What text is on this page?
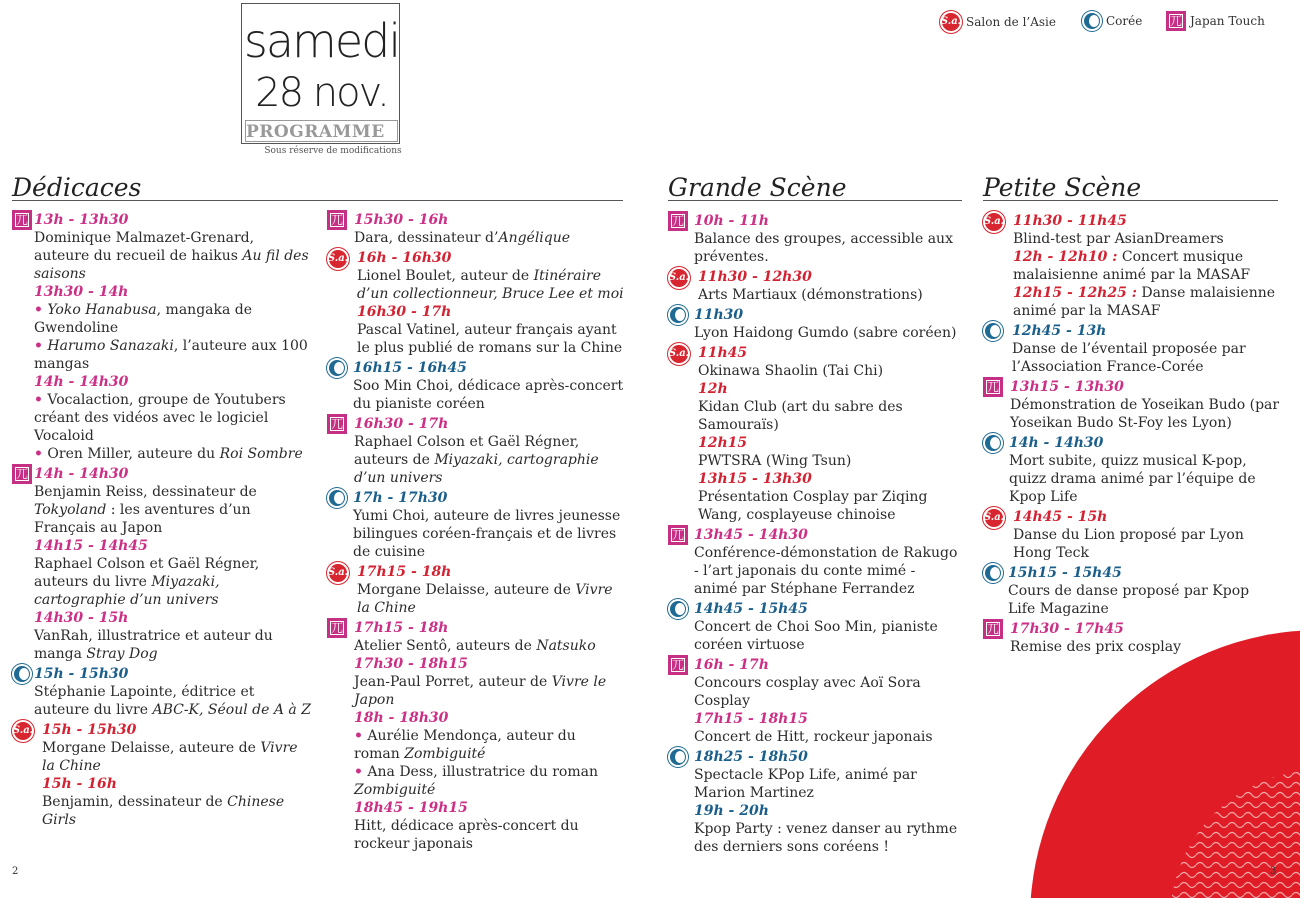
samedi
28 nov.
PROGRAMME
Sous réserve de modifications
S.a. Salon de l’Asie	Corée 兀 Japan Touch
Dédicaces	Grande Scène	Petite Scène
兀 13h - 13h30
Dominique Malmazet-Grenard, auteure du recueil de haikus Au fil des saisons
13h30 - 14h
• Yoko Hanabusa, mangaka de Gwendoline
• Harumo Sanazaki, l’auteure aux 100 mangas
14h - 14h30
• Vocalaction, groupe de Youtubers créant des vidéos avec le logiciel Vocaloid
• Oren Miller, auteure du Roi Sombre
兀 14h - 14h30
Benjamin Reiss, dessinateur de Tokyoland : les aventures d’un Français au Japon
14h15 - 14h45
Raphael Colson et Gaël Régner, auteurs du livre Miyazaki, cartographie d’un univers
14h30 - 15h
VanRah, illustratrice et auteur du manga Stray Dog
15h - 15h30
Stéphanie Lapointe, éditrice et auteure du livre ABC-K, Séoul de A à Z
S.a. 15h - 15h30
Morgane Delaisse, auteure de Vivre la Chine
15h - 16h
Benjamin, dessinateur de Chinese Girls
兀 15h30 - 16h
Dara, dessinateur d’Angélique
S.a. 16h - 16h30
Lionel Boulet, auteur de Itinéraire d’un collectionneur, Bruce Lee et moi
16h30 - 17h
Pascal Vatinel, auteur français ayant le plus publié de romans sur la Chine
16h15 - 16h45
Soo Min Choi, dédicace après-concert du pianiste coréen
兀 16h30 - 17h
Raphael Colson et Gaël Régner, auteurs de Miyazaki, cartographie d’un univers
17h - 17h30
Yumi Choi, auteure de livres jeunesse bilingues coréen-français et de livres de cuisine
S.a. 17h15 - 18h
Morgane Delaisse, auteure de Vivre la Chine
兀 17h15 - 18h
Atelier Sentô, auteurs de Natsuko
17h30 - 18h15
Jean-Paul Porret, auteur de Vivre le Japon
18h - 18h30
• Aurélie Mendonça, auteur du roman Zombiguité
• Ana Dess, illustratrice du roman Zombiguité
18h45 - 19h15
Hitt, dédicace après-concert du rockeur japonais
兀 10h - 11h
Balance des groupes, accessible aux préventes.
S.a. 11h30 - 12h30
Arts Martiaux (démonstrations)
11h30
Lyon Haidong Gumdo (sabre coréen)
S.a. 11h45
Okinawa Shaolin (Tai Chi)
12h
Kidan Club (art du sabre des Samouraïs)
12h15
PWTSRA (Wing Tsun)
13h15 - 13h30
Présentation Cosplay par Ziqing Wang, cosplayeuse chinoise
兀 13h45 - 14h30
Conférence-démonstation de Rakugo - l’art japonais du conte mimé - animé par Stéphane Ferrandez
14h45 - 15h45
Concert de Choi Soo Min, pianiste coréen virtuose
兀 16h - 17h
Concours cosplay avec Aoï Sora Cosplay
17h15 - 18h15
Concert de Hitt, rockeur japonais
18h25 - 18h50
Spectacle KPop Life, animé par Marion Martinez
19h - 20h
Kpop Party : venez danser au rythme des derniers sons coréens !
S.a. 11h30 - 11h45
Blind-test par AsianDreamers
12h - 12h10 : Concert musique malaisienne animé par la MASAF
12h15 - 12h25 : Danse malaisienne animé par la MASAF
12h45 - 13h
Danse de l’éventail proposée par l’Association France-Corée
兀 13h15 - 13h30
Démonstration de Yoseikan Budo (par Yoseikan Budo St-Foy les Lyon)
14h - 14h30
Mort subite, quizz musical K-pop, quizz drama animé par l’équipe de Kpop Life
S.a. 14h45 - 15h
Danse du Lion proposé par Lyon Hong Teck
15h15 - 15h45
Cours de danse proposé par Kpop Life Magazine
兀 17h30 - 17h45
Remise des prix cosplay
2	3
